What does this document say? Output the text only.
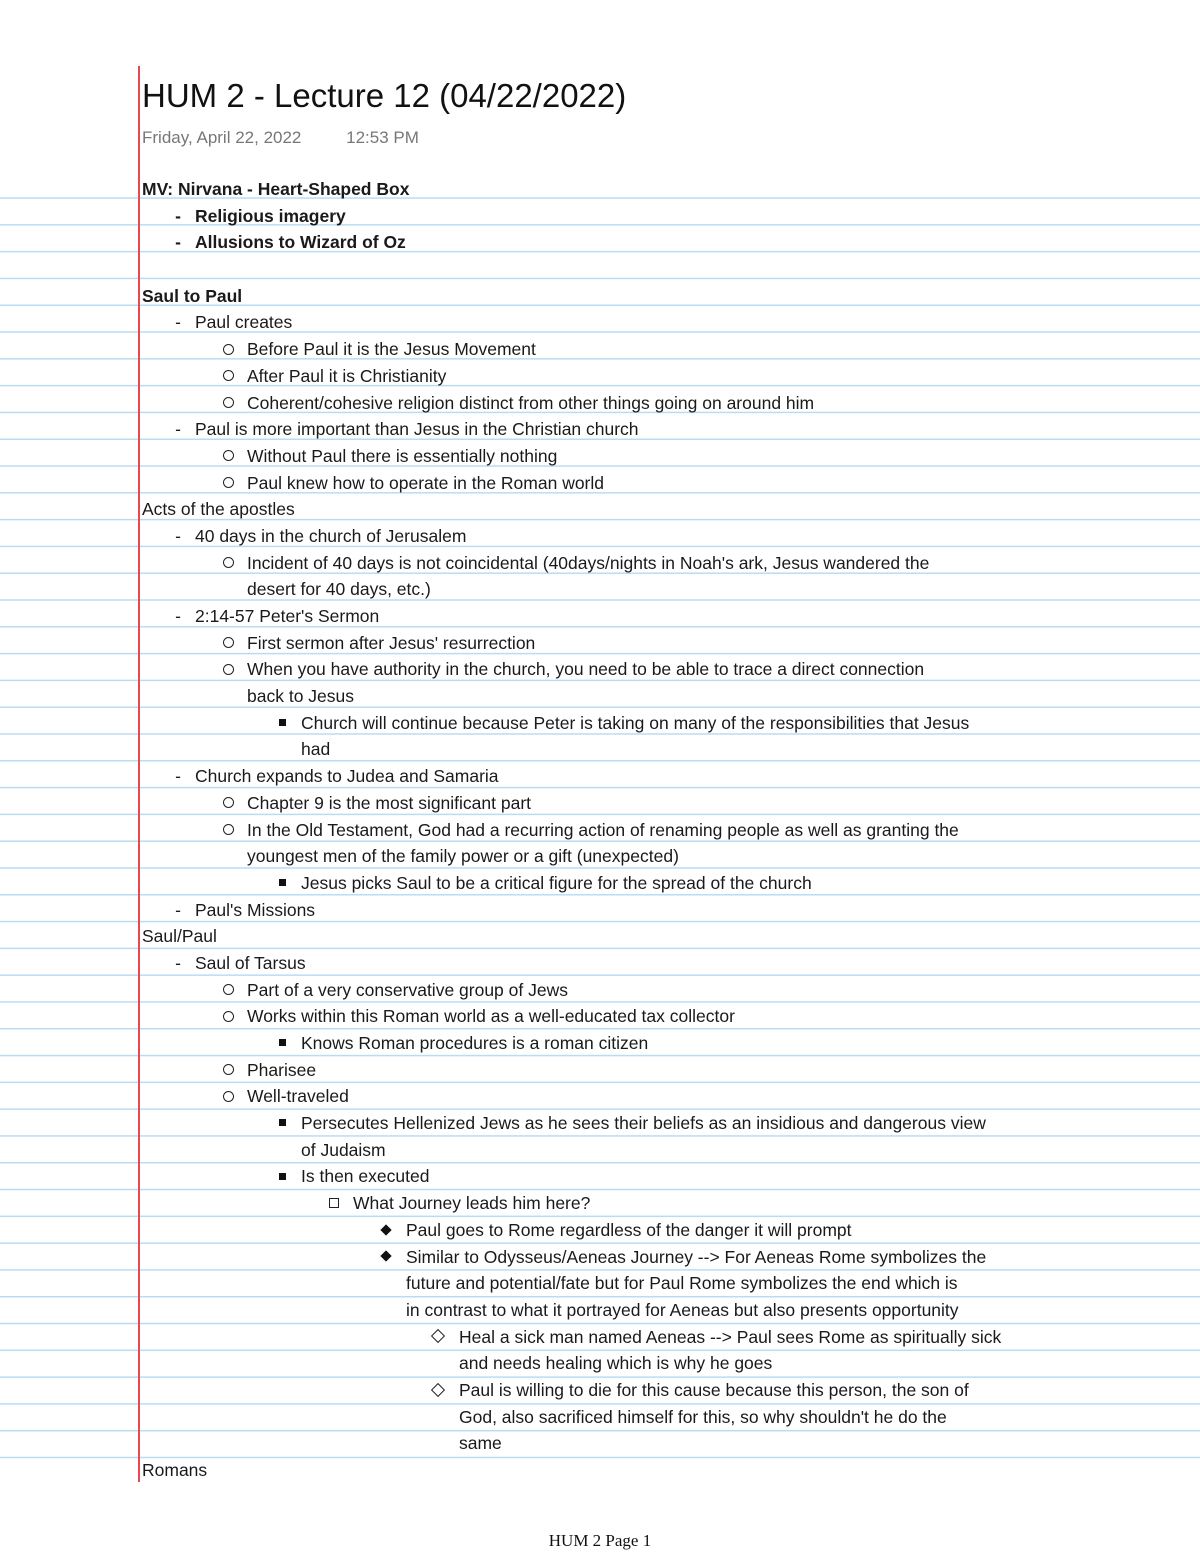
HUM 2 - Lecture 12 (04/22/2022)
Friday, April 22, 2022	12:53 PM
MV: Nirvana - Heart-Shaped Box
- Religious imagery
- Allusions to Wizard of Oz
Saul to Paul
- Paul creates
Before Paul it is the Jesus Movement
After Paul it is Christianity
Coherent/cohesive religion distinct from other things going on around him
- Paul is more important than Jesus in the Christian church
Without Paul there is essentially nothing
Paul knew how to operate in the Roman world
Acts of the apostles
- 40 days in the church of Jerusalem
Incident of 40 days is not coincidental (40days/nights in Noah's ark, Jesus wandered the
desert for 40 days, etc.)
- 2:14-57 Peter's Sermon
First sermon after Jesus' resurrection
When you have authority in the church, you need to be able to trace a direct connection
back to Jesus
Church will continue because Peter is taking on many of the responsibilities that Jesus
had
- Church expands to Judea and Samaria
Chapter 9 is the most significant part
In the Old Testament, God had a recurring action of renaming people as well as granting the
youngest men of the family power or a gift (unexpected)
Jesus picks Saul to be a critical figure for the spread of the church
- Paul's Missions
Saul/Paul
- Saul of Tarsus
Part of a very conservative group of Jews
Works within this Roman world as a well-educated tax collector
Knows Roman procedures is a roman citizen
Pharisee
Well-traveled
Persecutes Hellenized Jews as he sees their beliefs as an insidious and dangerous view
of Judaism
Is then executed
What Journey leads him here?
Paul goes to Rome regardless of the danger it will prompt
Similar to Odysseus/Aeneas Journey --> For Aeneas Rome symbolizes the
future and potential/fate but for Paul Rome symbolizes the end which is
in contrast to what it portrayed for Aeneas but also presents opportunity
Heal a sick man named Aeneas --> Paul sees Rome as spiritually sick
and needs healing which is why he goes
Paul is willing to die for this cause because this person, the son of
God, also sacrificed himself for this, so why shouldn't he do the
same
Romans
HUM 2 Page 1
